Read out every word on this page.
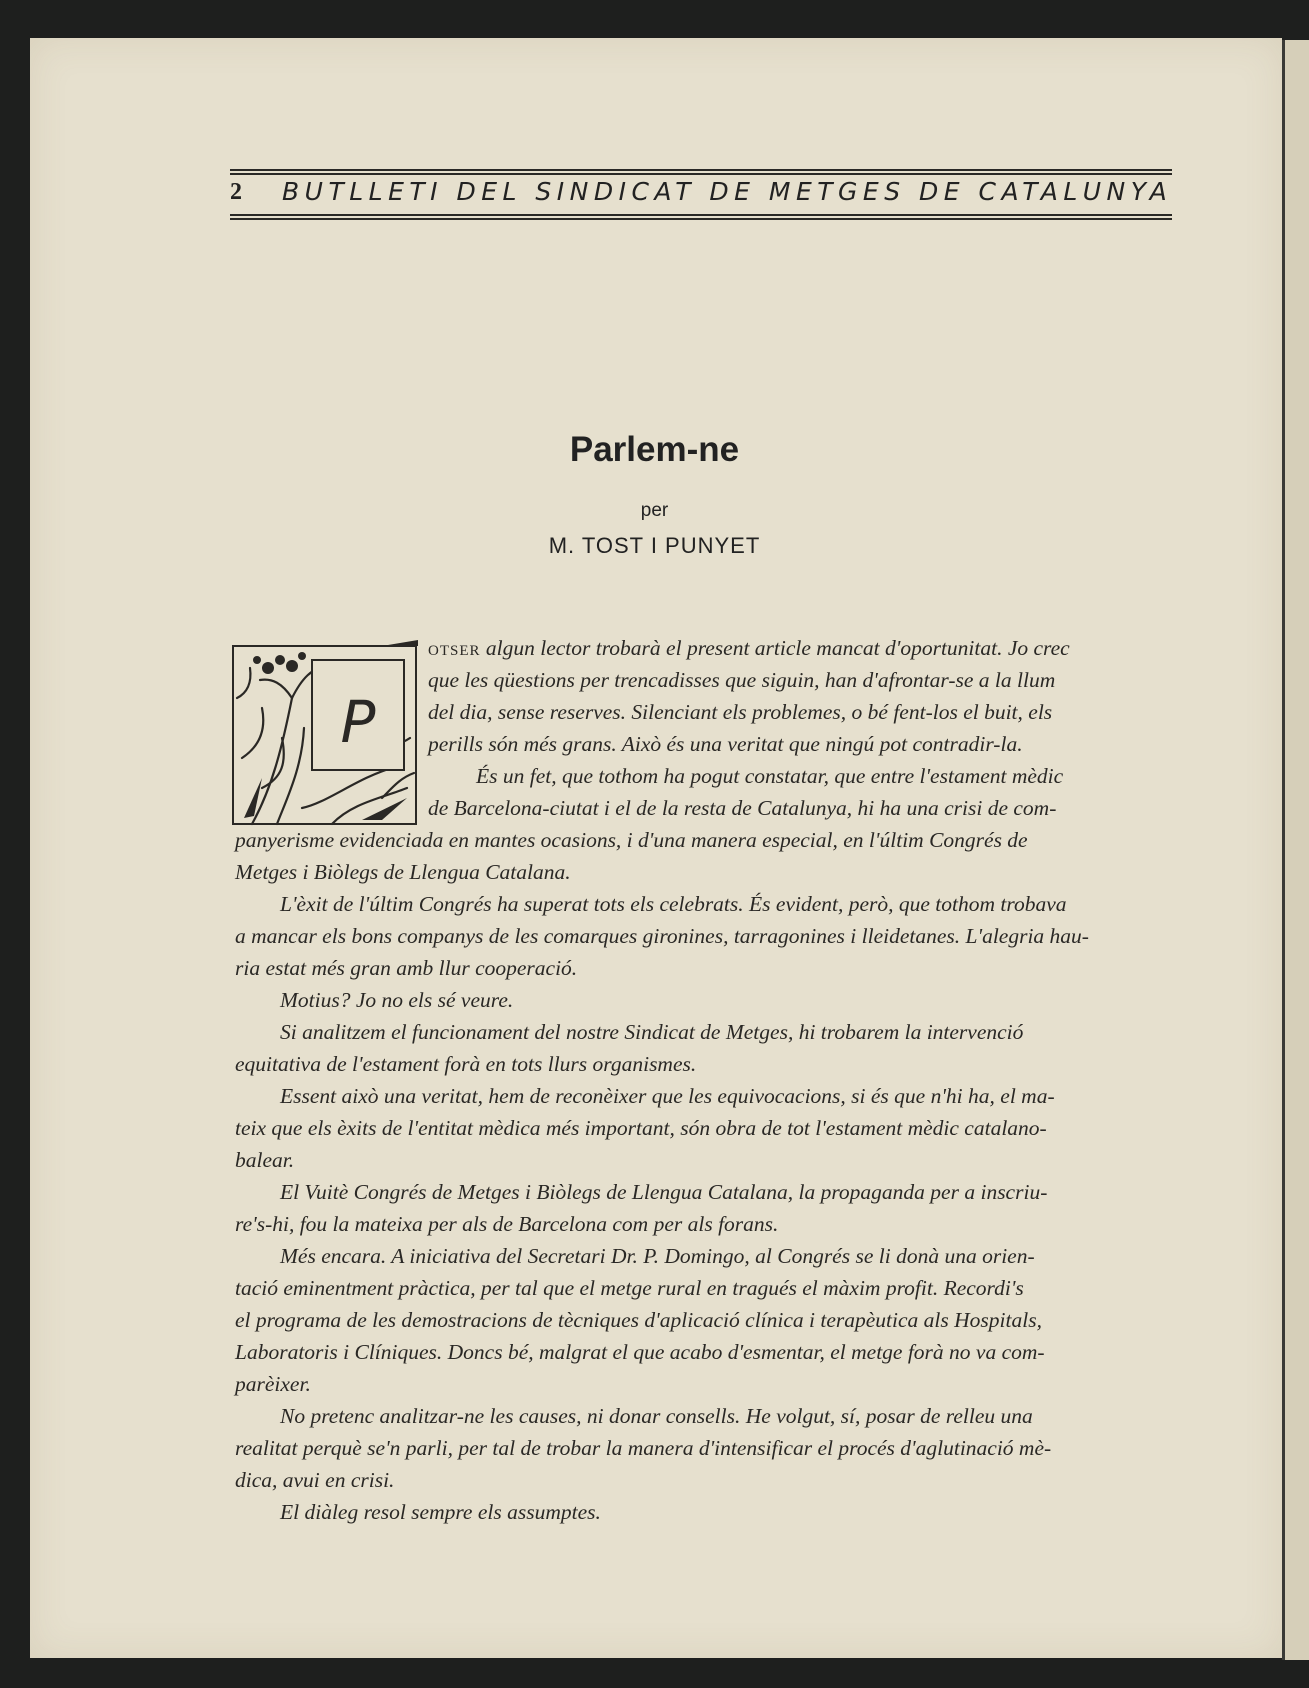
2 BUTLLETI DEL SINDICAT DE METGES DE CATALUNYA
Parlem-ne
per
M. TOST I PUNYET
P
OTSER algun lector trobarà el present article mancat d'oportunitat. Jo crec
que les qüestions per trencadisses que siguin, han d'afrontar-se a la llum
del dia, sense reserves. Silenciant els problemes, o bé fent-los el buit, els
perills són més grans. Això és una veritat que ningú pot contradir-la.
És un fet, que tothom ha pogut constatar, que entre l'estament mèdic
de Barcelona-ciutat i el de la resta de Catalunya, hi ha una crisi de com-
panyerisme evidenciada en mantes ocasions, i d'una manera especial, en l'últim Congrés de
Metges i Biòlegs de Llengua Catalana.
L'èxit de l'últim Congrés ha superat tots els celebrats. És evident, però, que tothom trobava
a mancar els bons companys de les comarques gironines, tarragonines i lleidetanes. L'alegria hau-
ria estat més gran amb llur cooperació.
Motius? Jo no els sé veure.
Si analitzem el funcionament del nostre Sindicat de Metges, hi trobarem la intervenció
equitativa de l'estament forà en tots llurs organismes.
Essent això una veritat, hem de reconèixer que les equivocacions, si és que n'hi ha, el ma-
teix que els èxits de l'entitat mèdica més important, són obra de tot l'estament mèdic catalano-
balear.
El Vuitè Congrés de Metges i Biòlegs de Llengua Catalana, la propaganda per a inscriu-
re's-hi, fou la mateixa per als de Barcelona com per als forans.
Més encara. A iniciativa del Secretari Dr. P. Domingo, al Congrés se li donà una orien-
tació eminentment pràctica, per tal que el metge rural en tragués el màxim profit. Recordi's
el programa de les demostracions de tècniques d'aplicació clínica i terapèutica als Hospitals,
Laboratoris i Clíniques. Doncs bé, malgrat el que acabo d'esmentar, el metge forà no va com-
parèixer.
No pretenc analitzar-ne les causes, ni donar consells. He volgut, sí, posar de relleu una
realitat perquè se'n parli, per tal de trobar la manera d'intensificar el procés d'aglutinació mè-
dica, avui en crisi.
El diàleg resol sempre els assumptes.
